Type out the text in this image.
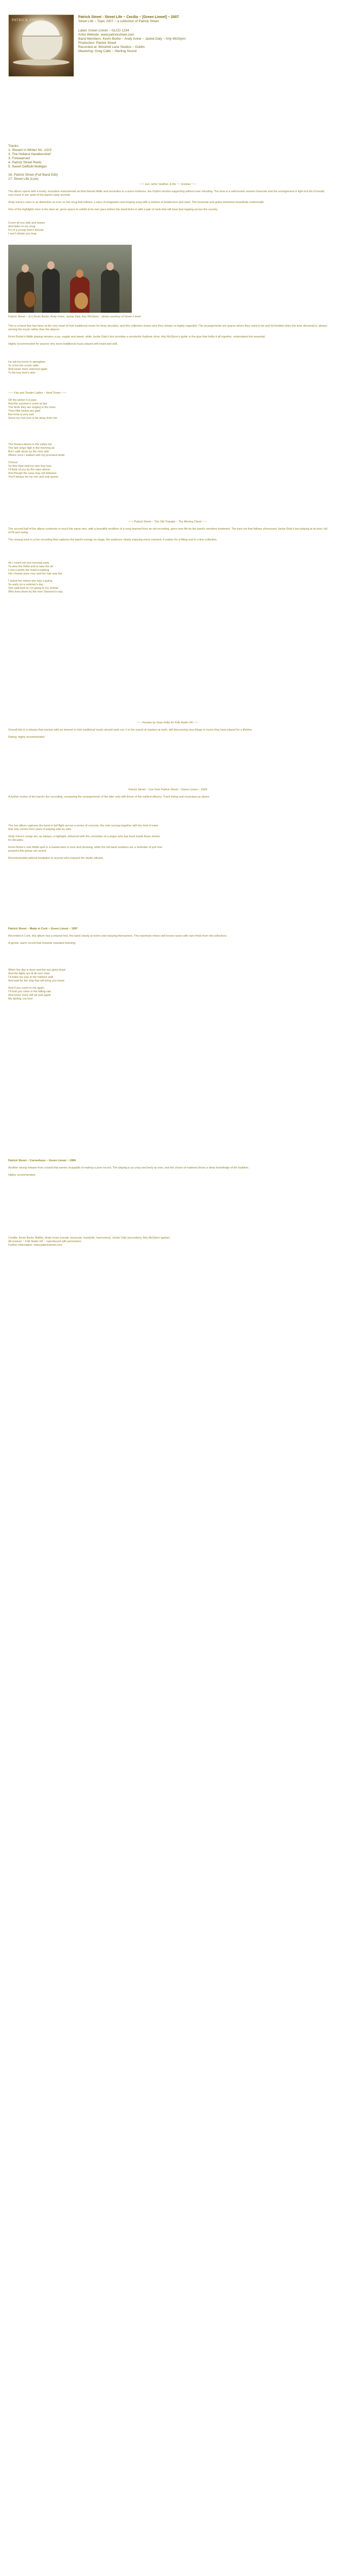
PATRICK STREET
Patrick Street - Street Life ~ Cecilia ~ [Green Linnet] ~ 2007
Street Life ~ Topic 2007 ~ a collection of Patrick Street
Label: Green Linnet ~ GLCD 1234
Artist Website: www.patrickstreet.com
Band Members: Kevin Burke ~ Andy Irvine ~ Jackie Daly ~ Arty McGlynn
Production: Patrick Street
Recorded at: Windmill Lane Studios ~ Dublin
Mastering: Greg Calbi ~ Sterling Sound
Tracks:
1. Stream in Winter No. 1/2/3
2. The Holland Handkerchief
3. Forewarned
4. Patrick Street Reels
5. Sweet Daffodil Mulligan
16. Patrick Street (Full Band Edit)
17. Street Life (Live)

~~~ sun, wind, heather, & the ~~ reviews ~~~

The album opens with a lovely, evocative instrumental set that blends fiddle and accordion in a warm embrace, the rhythm section supporting without ever intruding. The tune is a well-known session favourite and the arrangement is tight but full of breath, very much in the spirit of the band's early records.

Andy Irvine's voice is as distinctive as ever on the song that follows, a story of emigration and longing sung with a mixture of tenderness and steel. The bouzouki and guitar intertwine beautifully underneath.

One of the highlights here is the slow air, given space to unfold at its own pace before the band kicks in with a pair of reels that will have feet tapping across the country.

Come all you lads and lasses
And listen to my song
It's of a young man's fortune
I won't detain you long

Patrick Street ~ (l-r) Kevin Burke, Andy Irvine, Jackie Daly, Arty McGlynn ~ photo courtesy of Green Linnet

This is a band that has been at the very heart of Irish traditional music for three decades, and this collection shows why they remain so highly regarded. The arrangements are sparse where they need to be and full-bodied when the tune demands it, always serving the music rather than the players.

Kevin Burke's fiddle playing remains a joy, supple and sweet, while Jackie Daly's box provides a wonderful rhythmic drive. Arty McGlynn's guitar is the glue that holds it all together, understated but essential.

Highly recommended for anyone who loves traditional music played with heart and skill.

He left his home in springtime
To cross the ocean wide
And never more returned again
To his true love's side

~~~ Fair and Tender Ladies ~ Hard Times ~~~

Oh the winter it is past
And the summer's come at last
The birds they are singing in the trees
Their little hearts are glad
But mine is very sad
Since my true love is far away from me
The flowers bloom in the valley fair
The lark sings high in the morning air
But I walk alone by the river side
Where once I walked with my promised bride
Chorus:
So fare thee well my own true love
I'll think of you by the stars above
And though the seas may roll between
You'll always be my one and only queen

~~~ Patrick Street ~ The Old Triangle ~ The Moving Cloud ~~~

The second half of the album continues in much the same vein, with a beautiful rendition of a song learned from an old recording, given new life by the band's sensitive treatment. The tune set that follows showcases Jackie Daly's box playing at its best, full of lift and swing.

The closing track is a live recording that captures the band's energy on stage, the audience clearly enjoying every moment. It makes for a fitting end to a fine collection.

As I roved out one morning early
To view the fields and to take the air
I met a pretty fair maid a-walking
Her cheeks were rosy and her hair was fair
I asked her where she was a-going
So early on a summer's day
She said kind sir I'm going to my mother
Who lives down by the river Shannon's way

~~~ Review by Sean Kelly for Folk Radio UK ~~~

Overall this is a release that anyone with an interest in Irish traditional music should seek out. It is the sound of masters at work, still discovering new things in music they have played for a lifetime.

Rating: highly recommended.

Patrick Street ~ Live from Patrick Street ~ Green Linnet ~ 2004

A further review of the band's live recording, comparing the arrangements of the later sets with those of the earliest albums. Track listing and musicians as above.

The live album captures the band in full flight across a series of concerts, the sets running together with the kind of ease that only comes from years of playing side by side.

Andy Irvine's songs are, as always, a highlight, delivered with the conviction of a singer who has lived inside these stories for decades.

Kevin Burke's solo fiddle spot is a masterclass in tone and phrasing, while the full band numbers are a reminder of just how powerful this group can sound.

Recommended without hesitation to anyone who enjoyed the studio albums.

Patrick Street ~ Made in Cork ~ Green Linnet ~ 1997

Recorded in Cork, this album has a relaxed feel, the band clearly at home and enjoying themselves. The repertoire mixes well known tunes with rarer finds from old collections.

A gentle, warm record that rewards repeated listening.

When the day is done and the sun goes down
And the lights are lit all over town
I'll make my way to the harbour wall
And wait for the ship that will bring you home
And if you come to me again
I'll hold you close in the falling rain
And never more will we part again
My darling, my love

Patrick Street ~ Cornerboys ~ Green Linnet ~ 1996

Another strong release from a band that seems incapable of making a poor record. The playing is as crisp and lively as ever, and the choice of material shows a deep knowledge of the tradition.

Highly recommended.

Credits: Kevin Burke (fiddle), Andy Irvine (vocals, bouzouki, mandolin, harmonica), Jackie Daly (accordion), Arty McGlynn (guitar).
All reviews ~ Folk Radio UK ~ reproduced with permission.
Further information: www.patrickstreet.com
